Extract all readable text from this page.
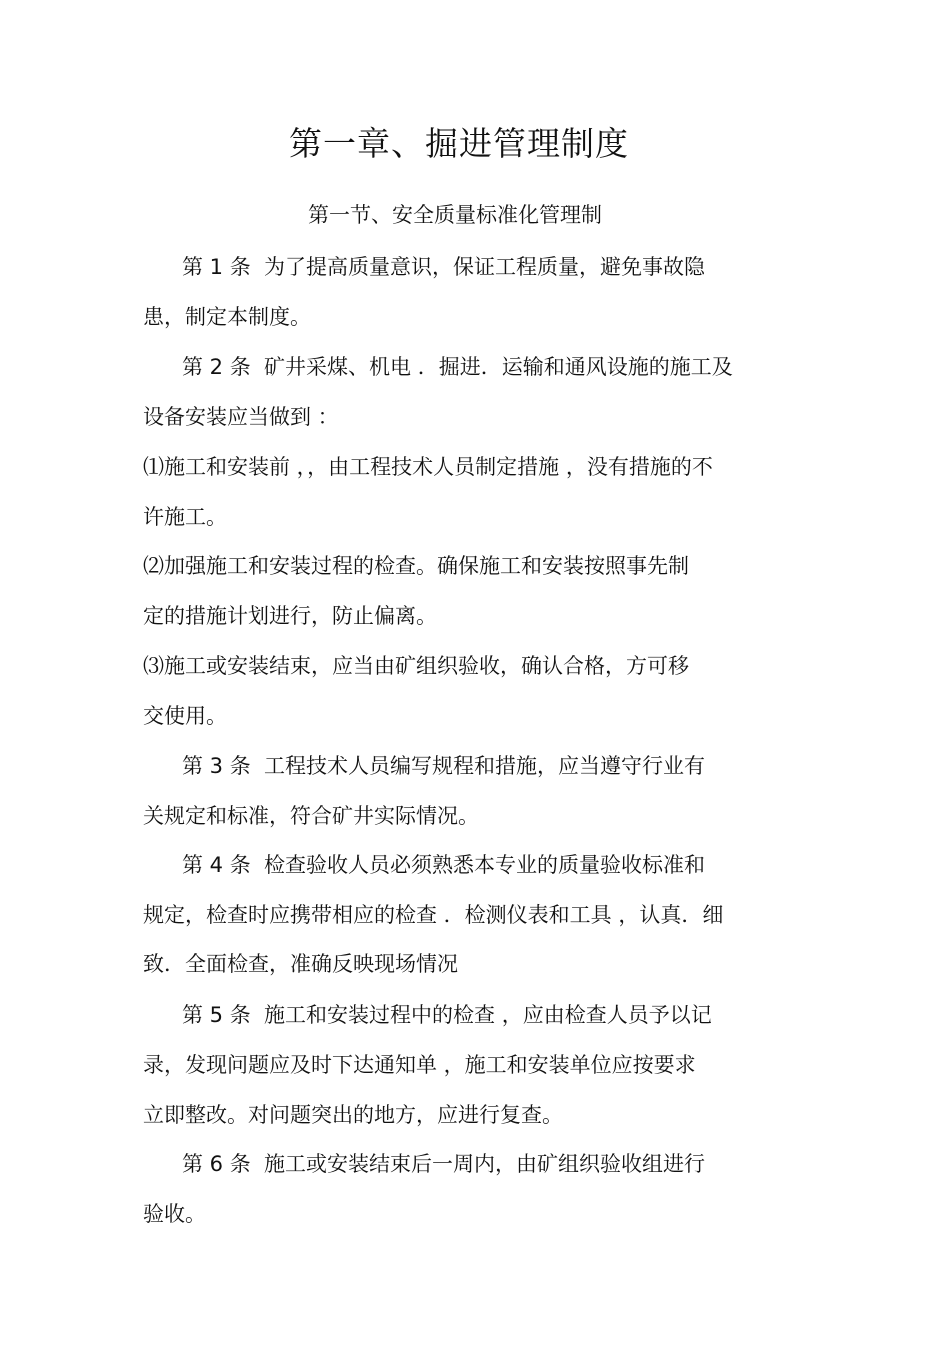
第一章、掘进管理制度
第一节、安全质量标准化管理制
第 1 条  为了提高质量意识，保证工程质量，避免事故隐
患，制定本制度。
第 2 条  矿井采煤、机电 ．掘进．运输和通风设施的施工及
设备安装应当做到 ：
⑴施工和安装前 ，，由工程技术人员制定措施 ，没有措施的不
许施工。
⑵加强施工和安装过程的检查。确保施工和安装按照事先制
定的措施计划进行，防止偏离。
⑶施工或安装结束，应当由矿组织验收，确认合格，方可移
交使用。
第 3 条  工程技术人员编写规程和措施，应当遵守行业有
关规定和标准，符合矿井实际情况。
第 4 条  检查验收人员必须熟悉本专业的质量验收标准和
规定，检查时应携带相应的检查 ．检测仪表和工具 ，认真．细
致．全面检查，准确反映现场情况
第 5 条  施工和安装过程中的检查 ，应由检查人员予以记
录，发现问题应及时下达通知单 ，施工和安装单位应按要求
立即整改。对问题突出的地方，应进行复查。
第 6 条  施工或安装结束后一周内，由矿组织验收组进行
验收。
